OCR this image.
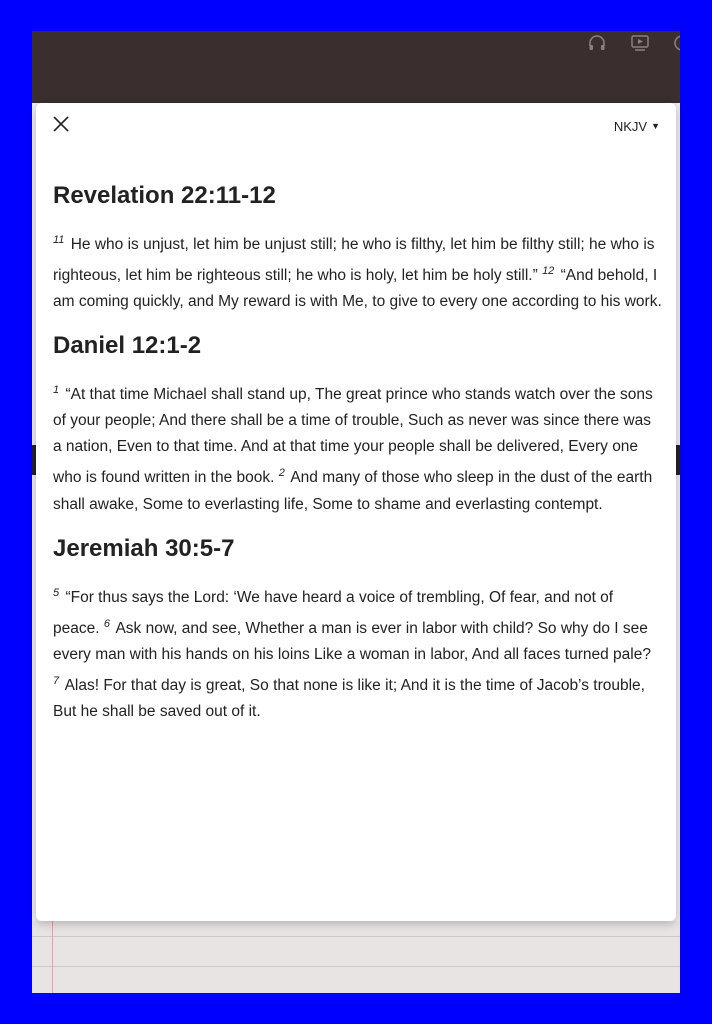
NKJV ▼
Revelation 22:11-12

$^{11}$ He who is unjust, let him be unjust still; he who is filthy, let him be filthy still; he who is righteous, let him be righteous still; he who is holy, let him be holy still.” $^{12}$ “And behold, I am coming quickly, and My reward is with Me, to give to every one according to his work.

Daniel 12:1-2

$^1$ “At that time Michael shall stand up, The great prince who stands watch over the sons of your people; And there shall be a time of trouble, Such as never was since there was a nation, Even to that time. And at that time your people shall be delivered, Every one who is found written in the book. $^2$ And many of those who sleep in the dust of the earth shall awake, Some to everlasting life, Some to shame and everlasting contempt.

Jeremiah 30:5-7

$^5$ “For thus says the Lord: ‘We have heard a voice of trembling, Of fear, and not of peace. $^6$ Ask now, and see, Whether a man is ever in labor with child? So why do I see every man with his hands on his loins Like a woman in labor, And all faces turned pale? $^7$ Alas! For that day is great, So that none is like it; And it is the time of Jacob’s trouble, But he shall be saved out of it.
